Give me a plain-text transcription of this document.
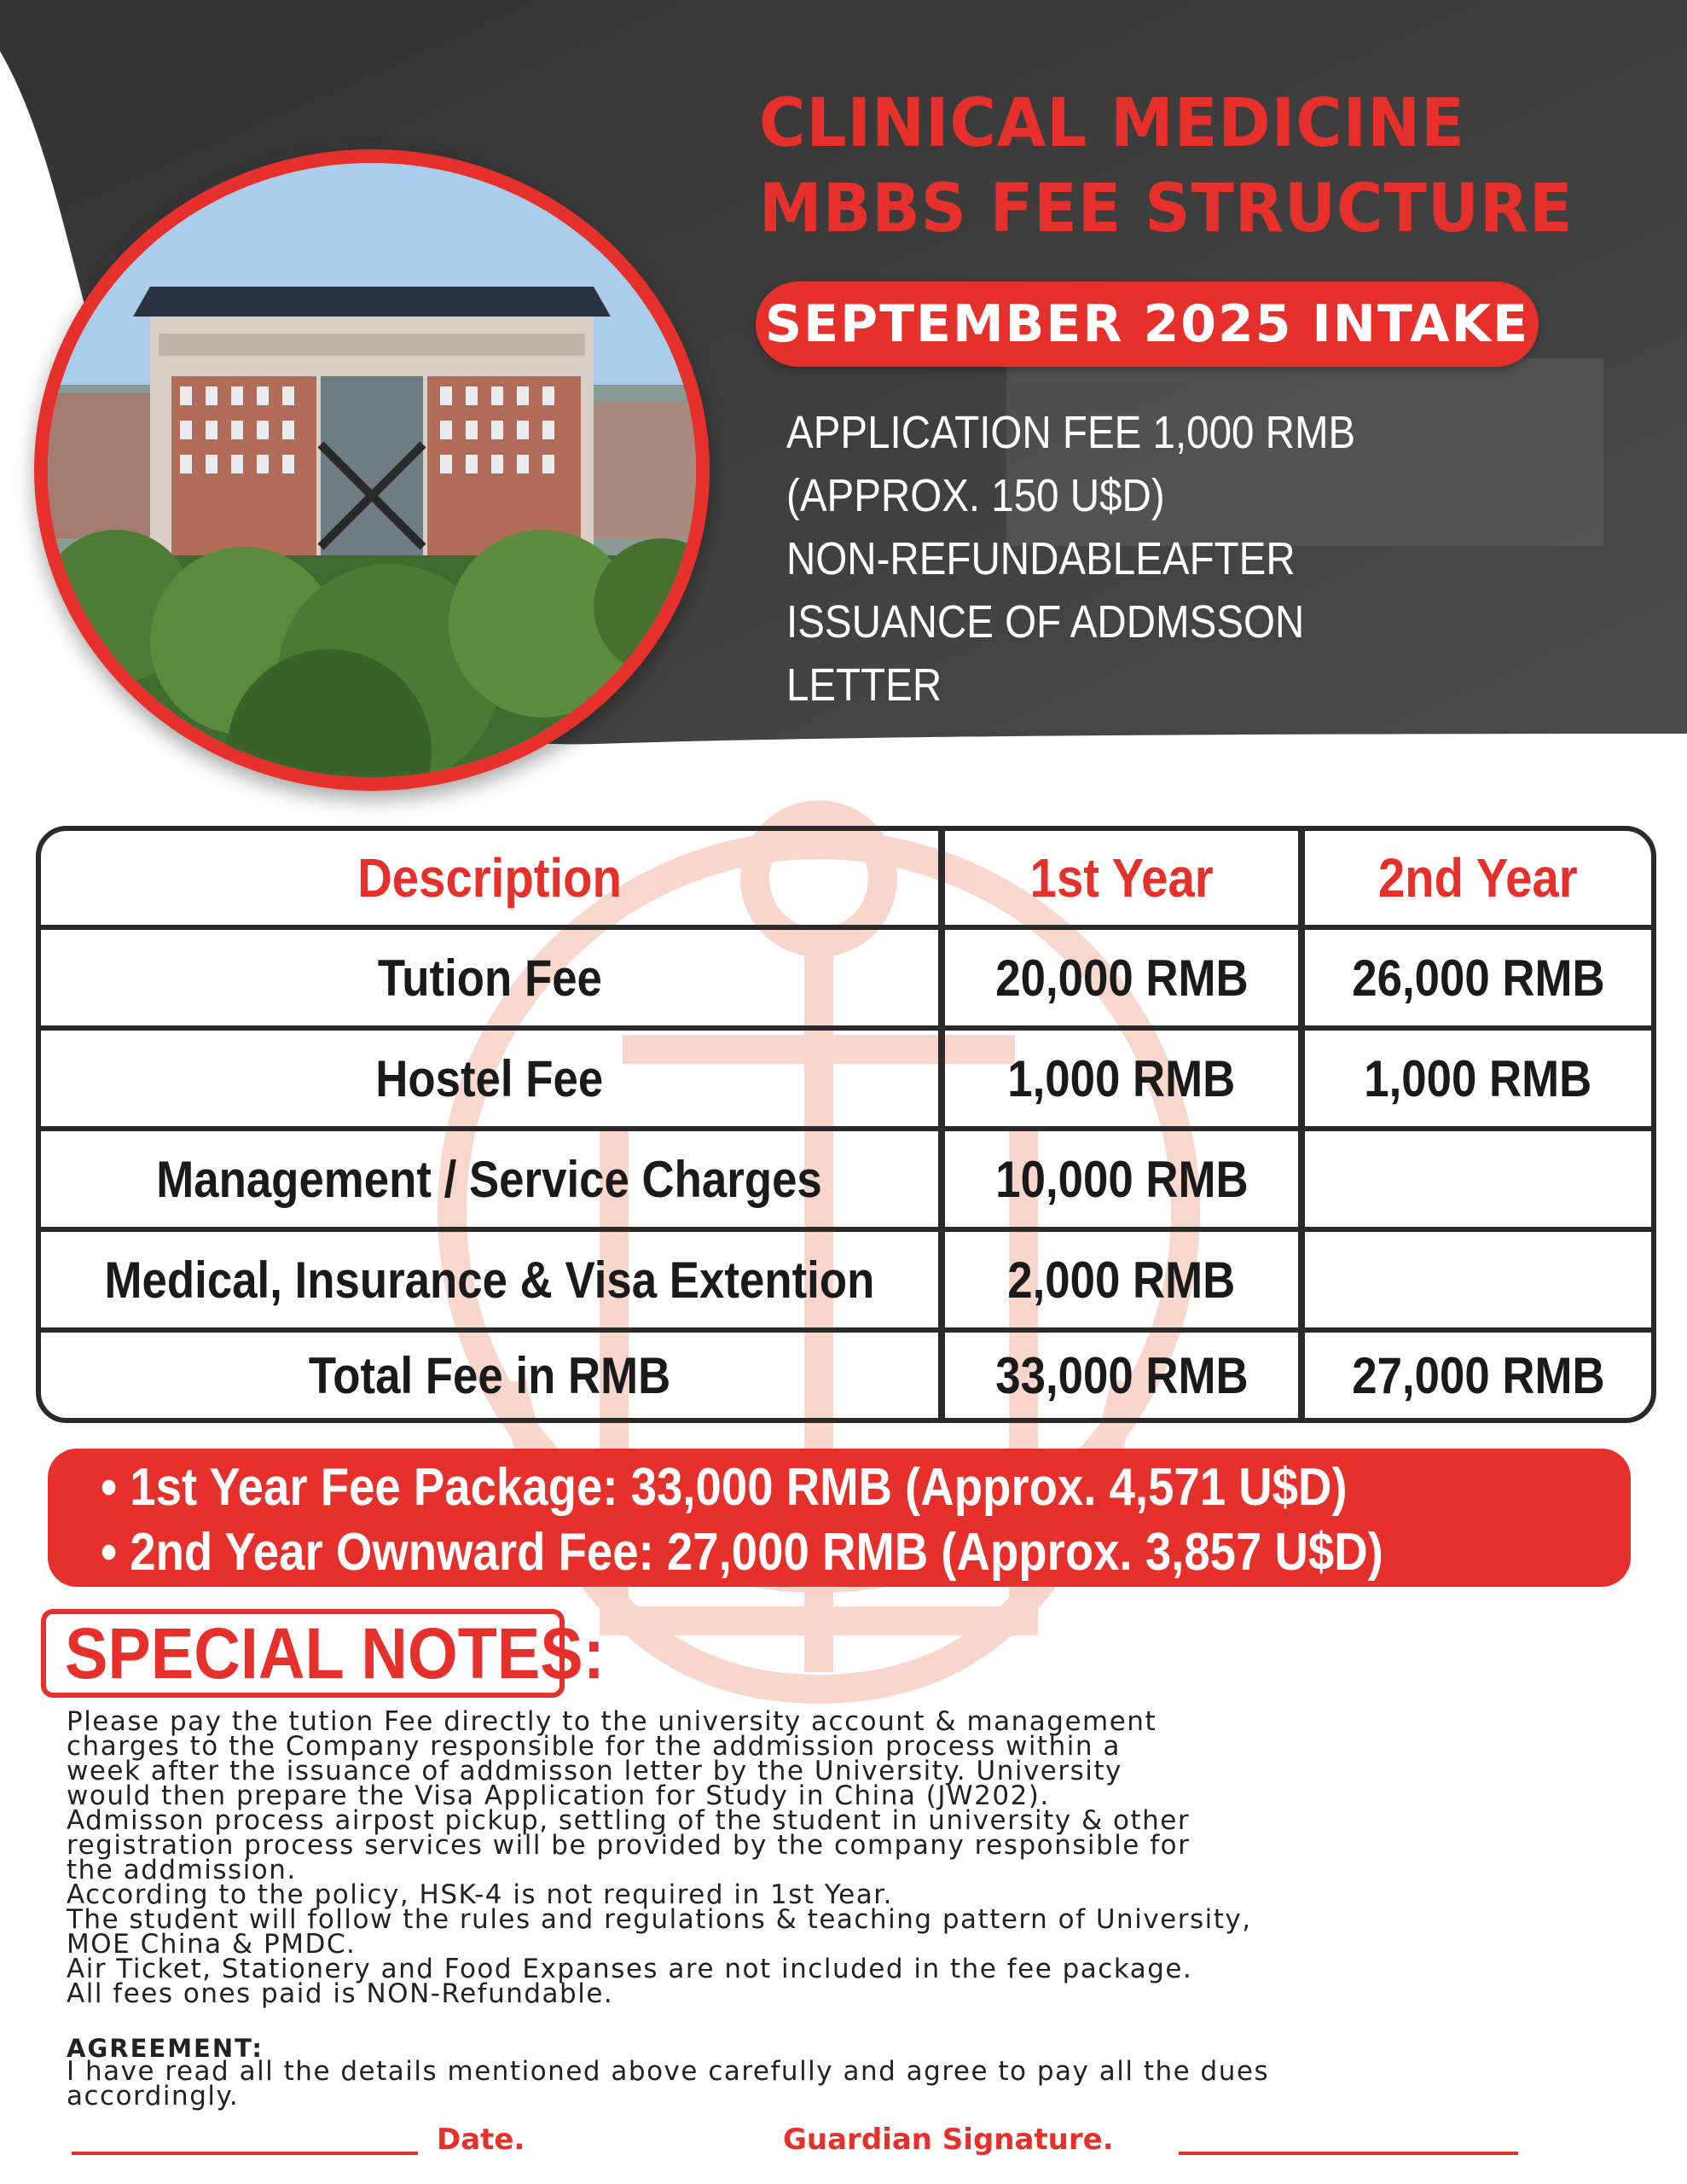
CLINICAL MEDICINE
MBBS FEE STRUCTURE
SEPTEMBER 2025 INTAKE
APPLICATION FEE 1,000 RMB
(APPROX. 150 U$D)
NON-REFUNDABLEAFTER
ISSUANCE OF ADDMSSON
LETTER
Description	1st Year	2nd Year
Tution Fee	20,000 RMB 26,000 RMB
Hostel Fee	1,000 RMB	1,000 RMB
Management / Service Charges	10,000 RMB
Medical, Insurance & Visa Extention	2,000 RMB
Total Fee in RMB	33,000 RMB 27,000 RMB
• 1st Year Fee Package: 33,000 RMB (Approx. 4,571 U$D)
• 2nd Year Ownward Fee: 27,000 RMB (Approx. 3,857 U$D)
SPECIAL NOTES:
Please pay the tution Fee directly to the university account & management
charges to the Company responsible for the addmission process within a
week after the issuance of addmisson letter by the University. University
would then prepare the Visa Application for Study in China (JW202).
Admisson process airpost pickup, settling of the student in university & other
registration process services will be provided by the company responsible for
the addmission.
According to the policy, HSK-4 is not required in 1st Year.
The student will follow the rules and regulations & teaching pattern of University,
MOE China & PMDC.
Air Ticket, Stationery and Food Expanses are not included in the fee package.
All fees ones paid is NON-Refundable.
AGREEMENT:
I have read all the details mentioned above carefully and agree to pay all the dues
accordingly.
Date.	Guardian Signature.
